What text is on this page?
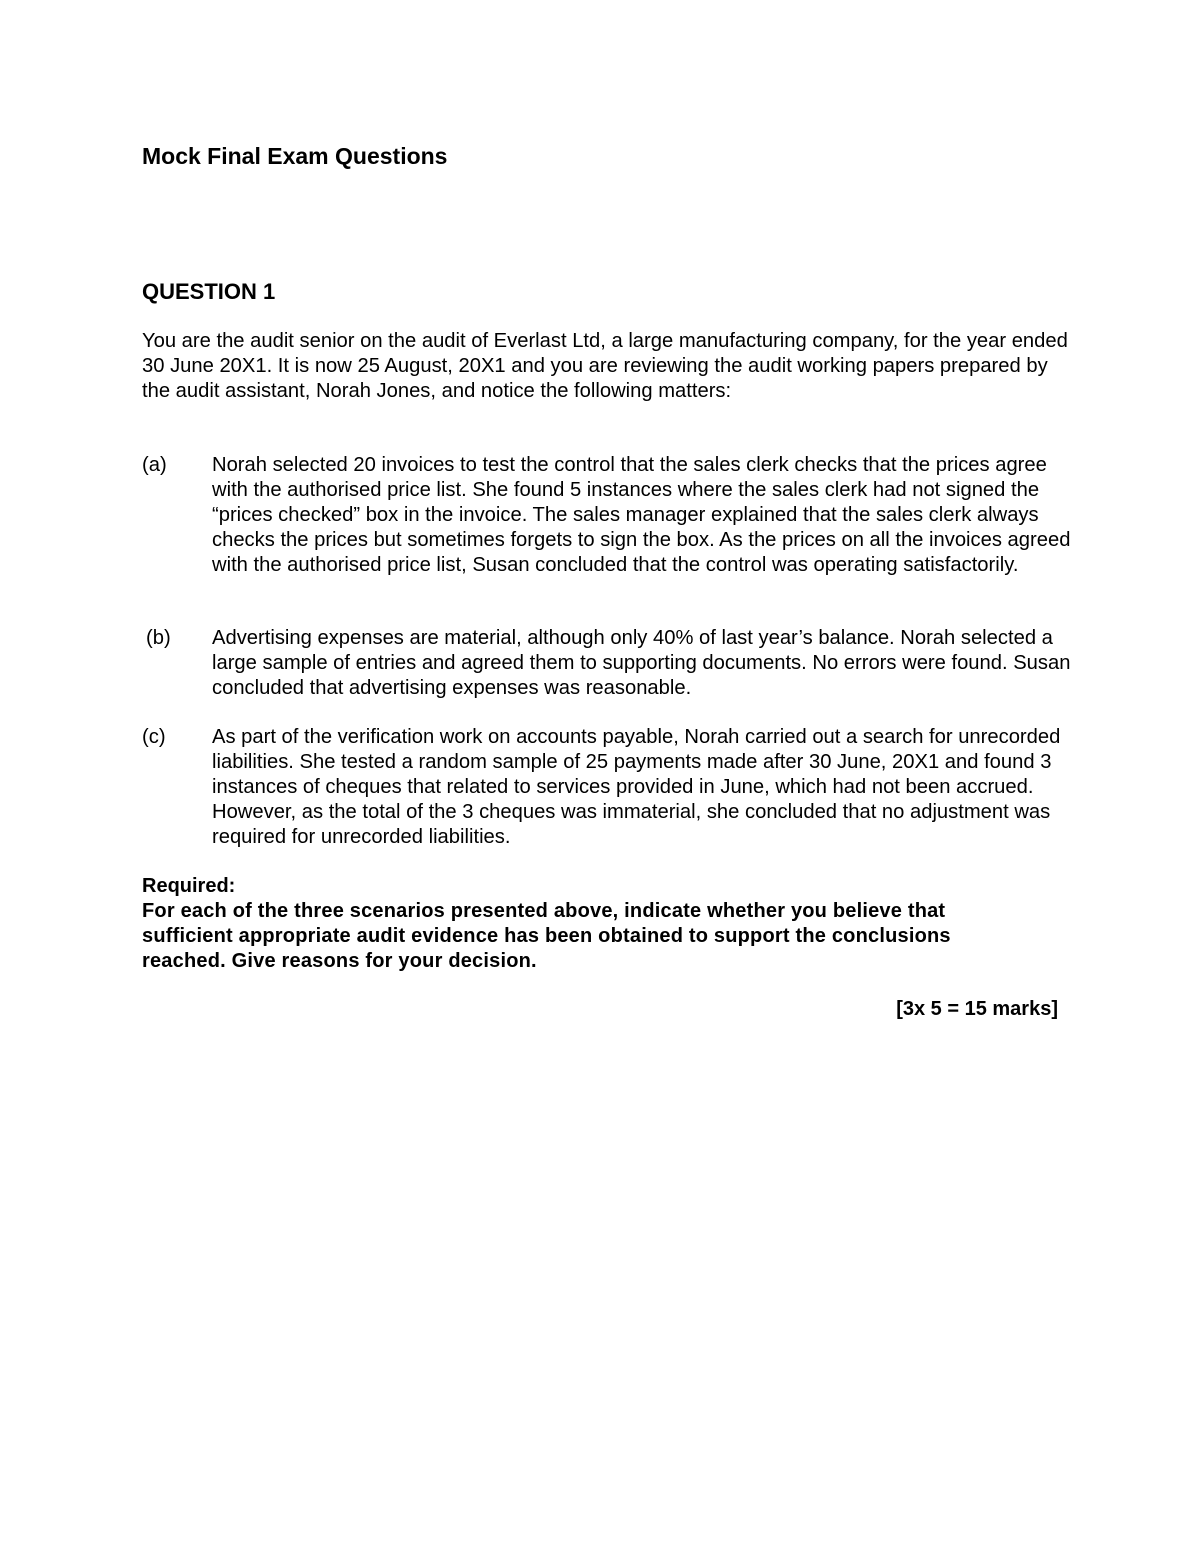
Mock Final Exam Questions
QUESTION 1
You are the audit senior on the audit of Everlast Ltd, a large manufacturing company, for the year ended 30 June 20X1. It is now 25 August, 20X1 and you are reviewing the audit working papers prepared by the audit assistant, Norah Jones, and notice the following matters:
(a) Norah selected 20 invoices to test the control that the sales clerk checks that the prices agree with the authorised price list. She found 5 instances where the sales clerk had not signed the “prices checked” box in the invoice. The sales manager explained that the sales clerk always checks the prices but sometimes forgets to sign the box. As the prices on all the invoices agreed with the authorised price list, Susan concluded that the control was operating satisfactorily.
(b) Advertising expenses are material, although only 40% of last year’s balance. Norah selected a large sample of entries and agreed them to supporting documents. No errors were found. Susan concluded that advertising expenses was reasonable.
(c) As part of the verification work on accounts payable, Norah carried out a search for unrecorded liabilities. She tested a random sample of 25 payments made after 30 June, 20X1 and found 3 instances of cheques that related to services provided in June, which had not been accrued. However, as the total of the 3 cheques was immaterial, she concluded that no adjustment was required for unrecorded liabilities.
Required:
For each of the three scenarios presented above, indicate whether you believe that sufficient appropriate audit evidence has been obtained to support the conclusions reached. Give reasons for your decision.
[3x 5 = 15 marks]
